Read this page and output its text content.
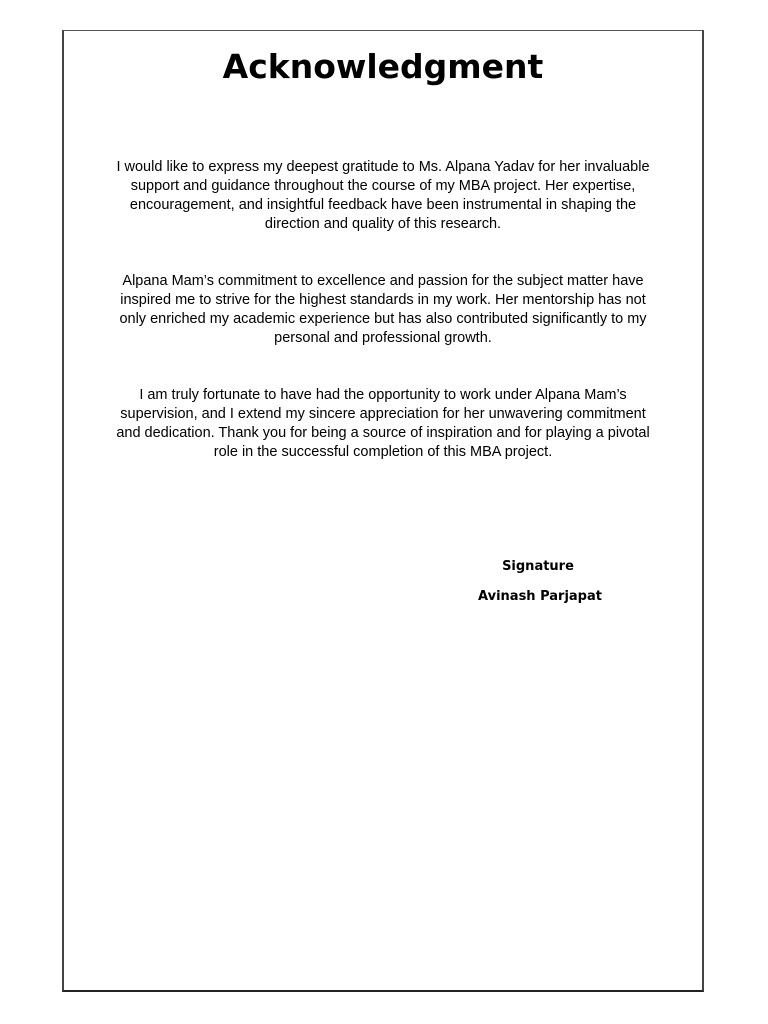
Acknowledgment

I would like to express my deepest gratitude to Ms. Alpana Yadav for her invaluable support and guidance throughout the course of my MBA project. Her expertise, encouragement, and insightful feedback have been instrumental in shaping the direction and quality of this research.

Alpana Mam’s commitment to excellence and passion for the subject matter have inspired me to strive for the highest standards in my work. Her mentorship has not only enriched my academic experience but has also contributed significantly to my personal and professional growth.

I am truly fortunate to have had the opportunity to work under Alpana Mam’s supervision, and I extend my sincere appreciation for her unwavering commitment and dedication. Thank you for being a source of inspiration and for playing a pivotal role in the successful completion of this MBA project.

Signature

Avinash Parjapat
